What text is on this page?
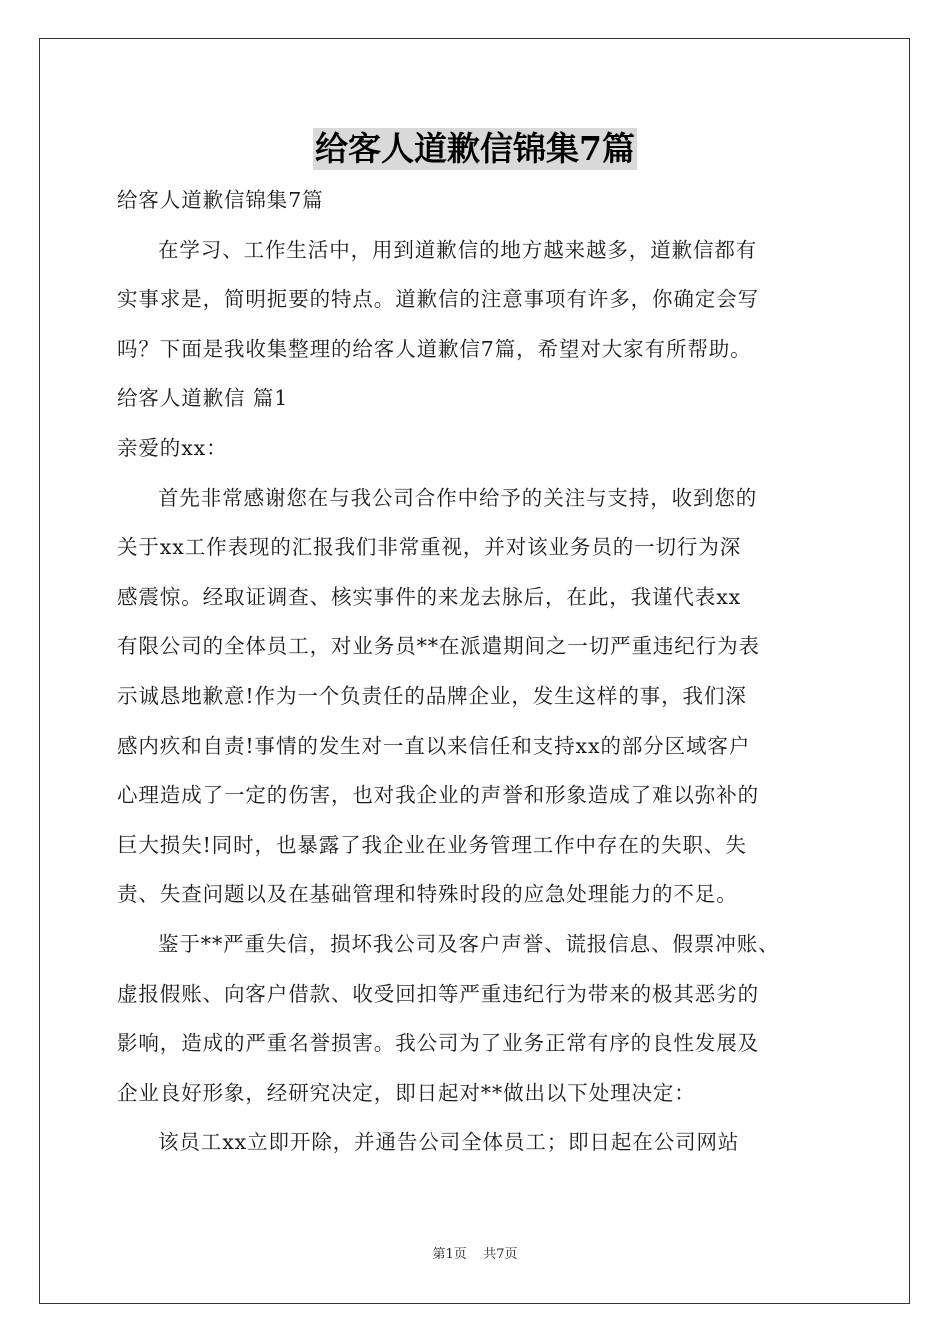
给客人道歉信锦集7篇

给客人道歉信锦集7篇

在学习、工作生活中，用到道歉信的地方越来越多，道歉信都有

实事求是，简明扼要的特点。道歉信的注意事项有许多，你确定会写

吗？下面是我收集整理的给客人道歉信7篇，希望对大家有所帮助。

给客人道歉信 篇1

亲爱的xx：

首先非常感谢您在与我公司合作中给予的关注与支持，收到您的

关于xx工作表现的汇报我们非常重视，并对该业务员的一切行为深

感震惊。经取证调查、核实事件的来龙去脉后，在此，我谨代表xx

有限公司的全体员工，对业务员**在派遣期间之一切严重违纪行为表

示诚恳地歉意!作为一个负责任的品牌企业，发生这样的事，我们深

感内疚和自责!事情的发生对一直以来信任和支持xx的部分区域客户

心理造成了一定的伤害，也对我企业的声誉和形象造成了难以弥补的

巨大损失!同时，也暴露了我企业在业务管理工作中存在的失职、失

责、失查问题以及在基础管理和特殊时段的应急处理能力的不足。

鉴于**严重失信，损坏我公司及客户声誉、谎报信息、假票冲账、

虚报假账、向客户借款、收受回扣等严重违纪行为带来的极其恶劣的

影响，造成的严重名誉损害。我公司为了业务正常有序的良性发展及

企业良好形象，经研究决定，即日起对**做出以下处理决定：

该员工xx立即开除，并通告公司全体员工；即日起在公司网站

第1页 共7页
